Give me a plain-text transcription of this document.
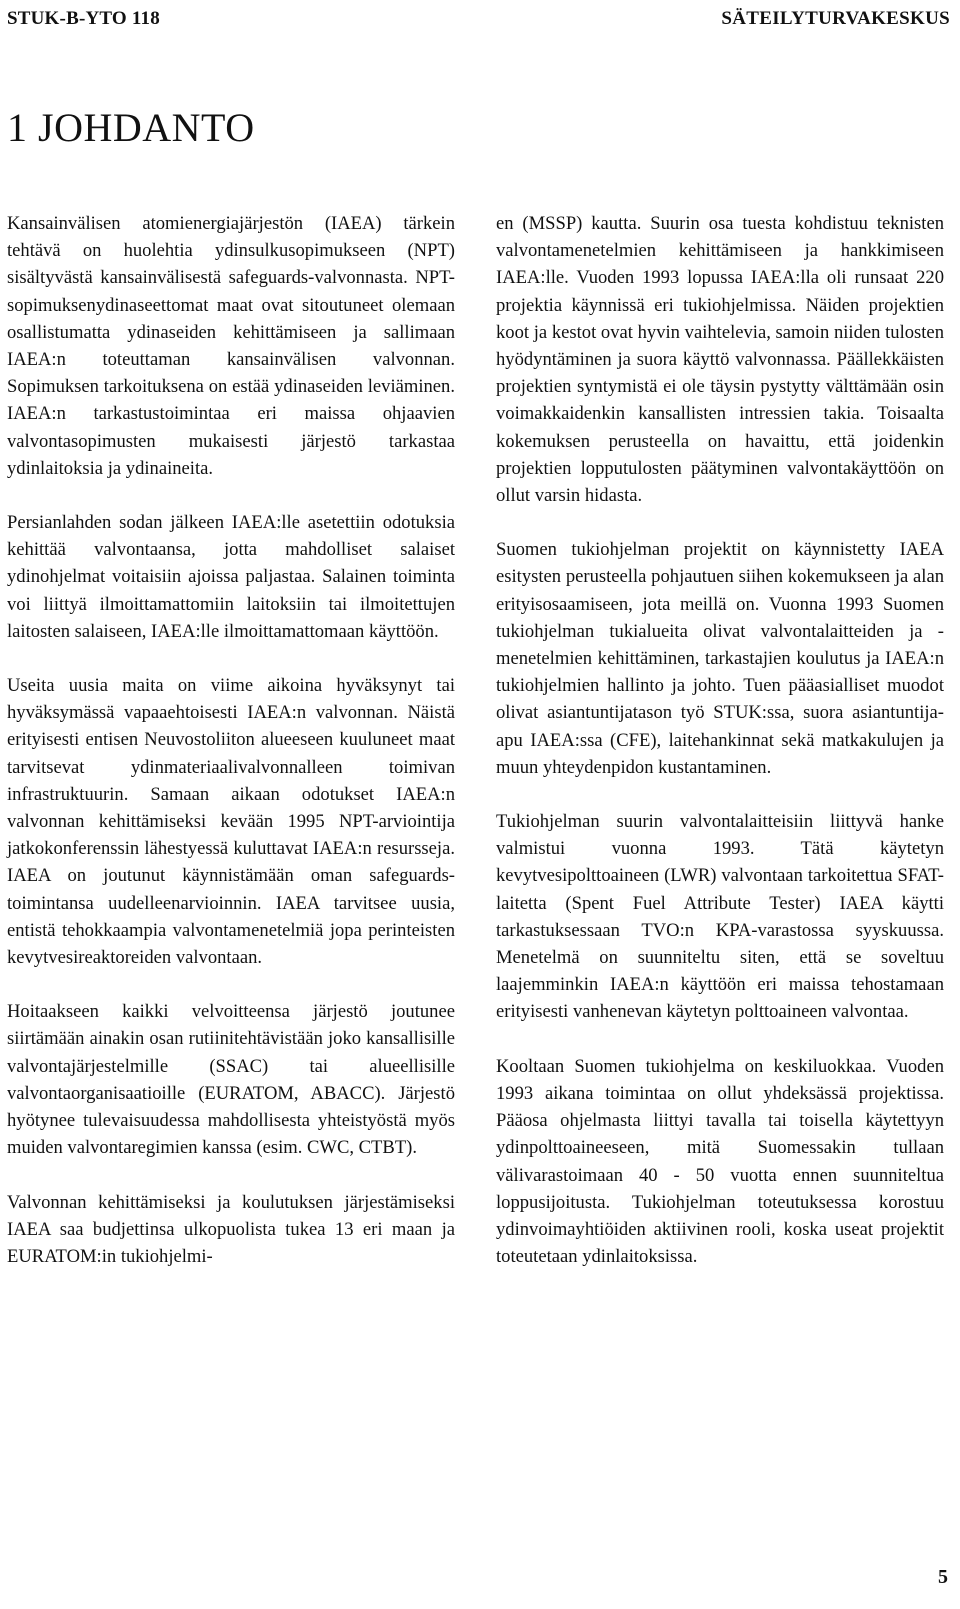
STUK-B-YTO 118	SÄTEILYTURVAKESKUS
1 JOHDANTO

Kansainvälisen atomienergiajärjestön (IAEA) tärkein tehtävä on huolehtia ydinsulkusopimukseen (NPT) sisältyvästä kansainvälisestä safeguards-valvonnasta. NPT-sopimuksenydinaseettomat maat ovat sitoutuneet olemaan osallistumatta ydinaseiden kehittämiseen ja sallimaan IAEA:n toteuttaman kansainvälisen valvonnan. Sopimuksen tarkoituksena on estää ydinaseiden leviäminen. IAEA:n tarkastustoimintaa eri maissa ohjaavien valvontasopimusten mukaisesti järjestö tarkastaa ydinlaitoksia ja ydinaineita.

Persianlahden sodan jälkeen IAEA:lle asetettiin odotuksia kehittää valvontaansa, jotta mahdolliset salaiset ydinohjelmat voitaisiin ajoissa paljastaa. Salainen toiminta voi liittyä ilmoittamattomiin laitoksiin tai ilmoitettujen laitosten salaiseen, IAEA:lle ilmoittamattomaan käyttöön.

Useita uusia maita on viime aikoina hyväksynyt tai hyväksymässä vapaaehtoisesti IAEA:n valvonnan. Näistä erityisesti entisen Neuvostoliiton alueeseen kuuluneet maat tarvitsevat ydinmateriaalivalvonnalleen toimivan infrastruktuurin. Samaan aikaan odotukset IAEA:n valvonnan kehittämiseksi kevään 1995 NPT-arviointija jatkokonferenssin lähestyessä kuluttavat IAEA:n resursseja. IAEA on joutunut käynnistämään oman safeguards-toimintansa uudelleenarvioinnin. IAEA tarvitsee uusia, entistä tehokkaampia valvontamenetelmiä jopa perinteisten kevytvesireaktoreiden valvontaan.

Hoitaakseen kaikki velvoitteensa järjestö joutunee siirtämään ainakin osan rutiinitehtävistään joko kansallisille valvontajärjestelmille (SSAC) tai alueellisille valvontaorganisaatioille (EURATOM, ABACC). Järjestö hyötynee tulevaisuudessa mahdollisesta yhteistyöstä myös muiden valvontaregimien kanssa (esim. CWC, CTBT).

Valvonnan kehittämiseksi ja koulutuksen järjestämiseksi IAEA saa budjettinsa ulkopuolista tukea 13 eri maan ja EURATOM:in tukiohjelmi-

en (MSSP) kautta. Suurin osa tuesta kohdistuu teknisten valvontamenetelmien kehittämiseen ja hankkimiseen IAEA:lle. Vuoden 1993 lopussa IAEA:lla oli runsaat 220 projektia käynnissä eri tukiohjelmissa. Näiden projektien koot ja kestot ovat hyvin vaihtelevia, samoin niiden tulosten hyödyntäminen ja suora käyttö valvonnassa. Päällekkäisten projektien syntymistä ei ole täysin pystytty välttämään osin voimakkaidenkin kansallisten intressien takia. Toisaalta kokemuksen perusteella on havaittu, että joidenkin projektien lopputulosten päätyminen valvontakäyttöön on ollut varsin hidasta.

Suomen tukiohjelman projektit on käynnistetty IAEA esitysten perusteella pohjautuen siihen kokemukseen ja alan erityisosaamiseen, jota meillä on. Vuonna 1993 Suomen tukiohjelman tukialueita olivat valvontalaitteiden ja -menetelmien kehittäminen, tarkastajien koulutus ja IAEA:n tukiohjelmien hallinto ja johto. Tuen pääasialliset muodot olivat asiantuntijatason työ STUK:ssa, suora asiantuntija-apu IAEA:ssa (CFE), laitehankinnat sekä matkakulujen ja muun yhteydenpidon kustantaminen.

Tukiohjelman suurin valvontalaitteisiin liittyvä hanke valmistui vuonna 1993. Tätä käytetyn kevytvesipolttoaineen (LWR) valvontaan tarkoitettua SFAT-laitetta (Spent Fuel Attribute Tester) IAEA käytti tarkastuksessaan TVO:n KPA-varastossa syyskuussa. Menetelmä on suunniteltu siten, että se soveltuu laajemminkin IAEA:n käyttöön eri maissa tehostamaan erityisesti vanhenevan käytetyn polttoaineen valvontaa.

Kooltaan Suomen tukiohjelma on keskiluokkaa. Vuoden 1993 aikana toimintaa on ollut yhdeksässä projektissa. Pääosa ohjelmasta liittyi tavalla tai toisella käytettyyn ydinpolttoaineeseen, mitä Suomessakin tullaan välivarastoimaan 40 - 50 vuotta ennen suunniteltua loppusijoitusta. Tukiohjelman toteutuksessa korostuu ydinvoimayhtiöiden aktiivinen rooli, koska useat projektit toteutetaan ydinlaitoksissa.

5
